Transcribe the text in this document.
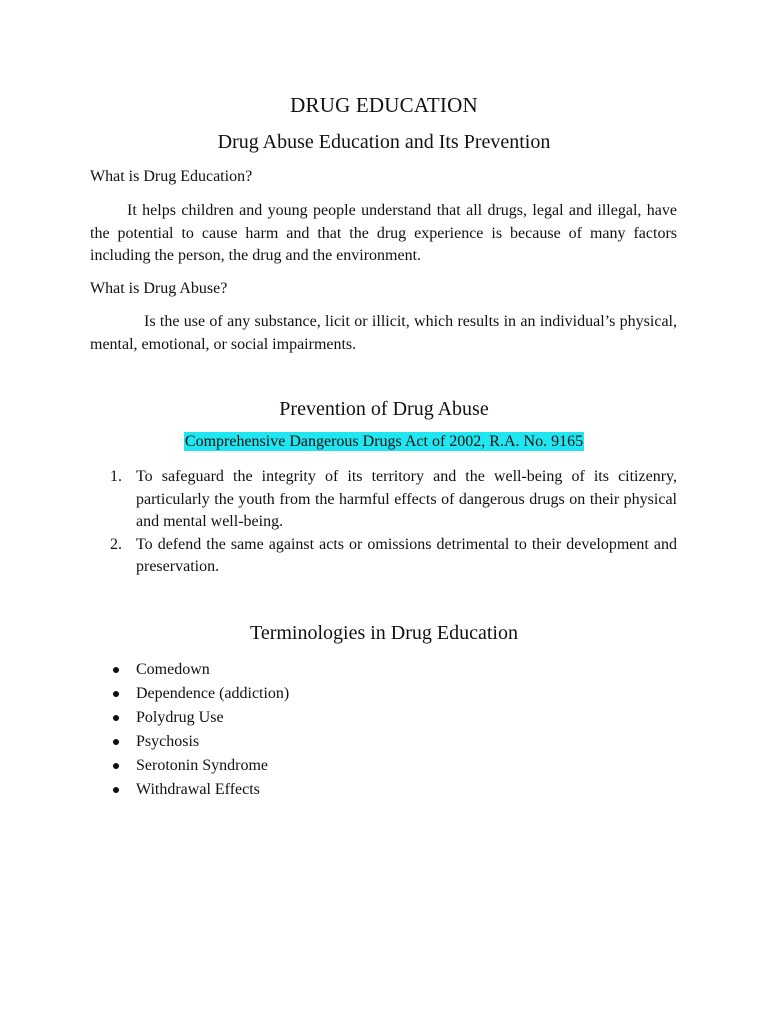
DRUG EDUCATION
Drug Abuse Education and Its Prevention

What is Drug Education?

It helps children and young people understand that all drugs, legal and illegal, have the potential to cause harm and that the drug experience is because of many factors including the person, the drug and the environment.

What is Drug Abuse?

Is the use of any substance, licit or illicit, which results in an individual’s physical, mental, emotional, or social impairments.

Prevention of Drug Abuse

Comprehensive Dangerous Drugs Act of 2002, R.A. No. 9165

1. To safeguard the integrity of its territory and the well-being of its citizenry, particularly the youth from the harmful effects of dangerous drugs on their physical and mental well-being.
2. To defend the same against acts or omissions detrimental to their development and preservation.
Terminologies in Drug Education
Comedown
Dependence (addiction)
Polydrug Use
Psychosis
Serotonin Syndrome
Withdrawal Effects
